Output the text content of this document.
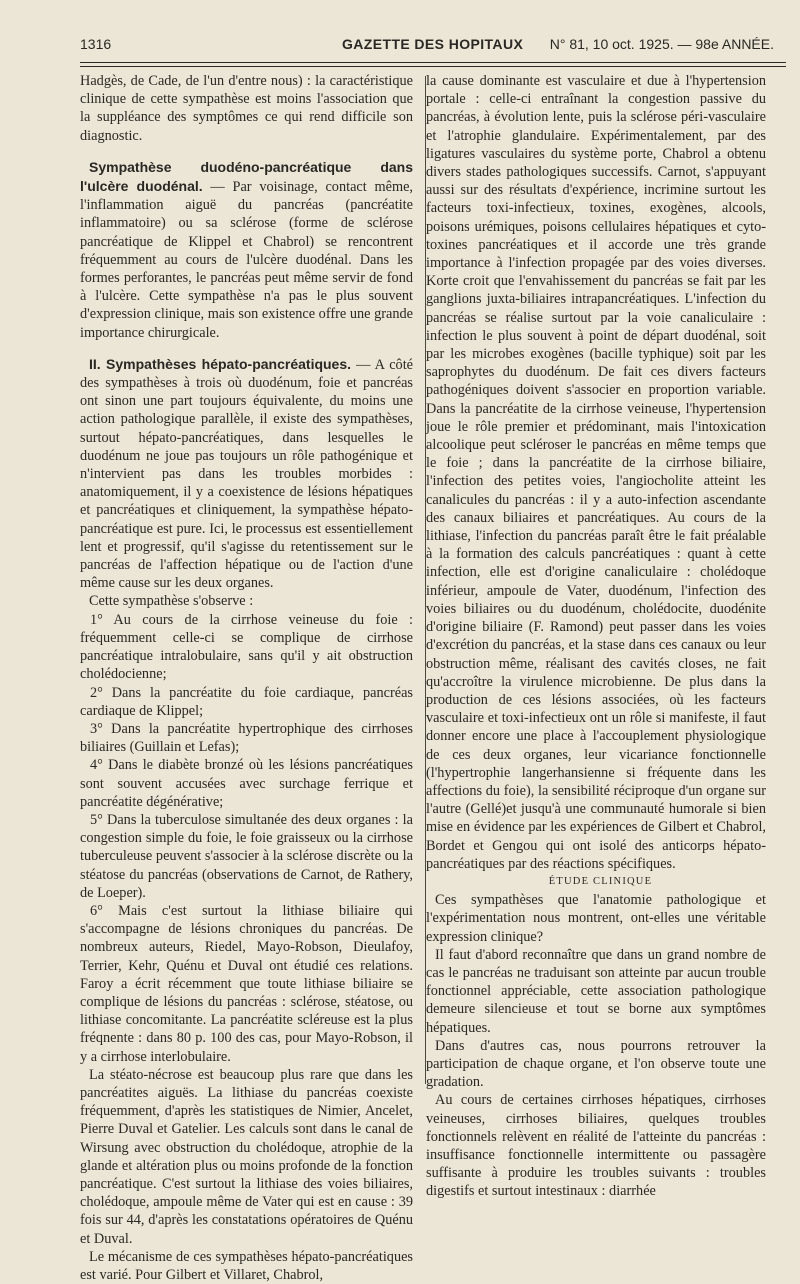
1316	GAZETTE DES HOPITAUX N° 81, 10 oct. 1925. — 98e ANNÉE.

Hadgès, de Cade, de l'un d'entre nous) : la caractéristique clinique de cette sympathèse est moins l'association que la suppléance des symptômes ce qui rend difficile son diagnostic.

Sympathèse duodéno-pancréatique dans l'ulcère duodénal. — Par voisinage, contact même, l'inflammation aiguë du pancréas (pancréatite inflammatoire) ou sa sclérose (forme de sclérose pancréatique de Klippel et Chabrol) se rencontrent fréquemment au cours de l'ulcère duodénal. Dans les formes perforantes, le pancréas peut même servir de fond à l'ulcère. Cette sympathèse n'a pas le plus souvent d'expression clinique, mais son existence offre une grande importance chirurgicale.

II. Sympathèses hépato-pancréatiques. — A côté des sympathèses à trois où duodénum, foie et pancréas ont sinon une part toujours équivalente, du moins une action pathologique parallèle, il existe des sympathèses, surtout hépato-pancréatiques, dans lesquelles le duodénum ne joue pas toujours un rôle pathogénique et n'intervient pas dans les troubles morbides : anatomiquement, il y a coexistence de lésions hépatiques et pancréatiques et cliniquement, la sympathèse hépato-pancréatique est pure. Ici, le processus est essentiellement lent et progressif, qu'il s'agisse du retentissement sur le pancréas de l'affection hépatique ou de l'action d'une même cause sur les deux organes.

Cette sympathèse s'observe :

1° Au cours de la cirrhose veineuse du foie : fréquemment celle-ci se complique de cirrhose pancréatique intralobulaire, sans qu'il y ait obstruction cholédocienne;

2° Dans la pancréatite du foie cardiaque, pancréas cardiaque de Klippel;

3° Dans la pancréatite hypertrophique des cirrhoses biliaires (Guillain et Lefas);

4° Dans le diabète bronzé où les lésions pancréatiques sont souvent accusées avec surchage ferrique et pancréatite dégénérative;

5° Dans la tuberculose simultanée des deux organes : la congestion simple du foie, le foie graisseux ou la cirrhose tuberculeuse peuvent s'associer à la sclérose discrète ou la stéatose du pancréas (observations de Carnot, de Rathery, de Loeper).

6° Mais c'est surtout la lithiase biliaire qui s'accompagne de lésions chroniques du pancréas. De nombreux auteurs, Riedel, Mayo-Robson, Dieulafoy, Terrier, Kehr, Quénu et Duval ont étudié ces relations. Faroy a écrit récemment que toute lithiase biliaire se complique de lésions du pancréas : sclérose, stéatose, ou lithiase concomitante. La pancréatite scléreuse est la plus fréqnente : dans 80 p. 100 des cas, pour Mayo-Robson, il y a cirrhose interlobulaire.

La stéato-nécrose est beaucoup plus rare que dans les pancréatites aiguës. La lithiase du pancréas coexiste fréquemment, d'après les statistiques de Nimier, Ancelet, Pierre Duval et Gatelier. Les calculs sont dans le canal de Wirsung avec obstruction du cholédoque, atrophie de la glande et altération plus ou moins profonde de la fonction pancréatique. C'est surtout la lithiase des voies biliaires, cholédoque, ampoule même de Vater qui est en cause : 39 fois sur 44, d'après les constatations opératoires de Quénu et Duval.

Le mécanisme de ces sympathèses hépato-pancréatiques est varié. Pour Gilbert et Villaret, Chabrol,

la cause dominante est vasculaire et due à l'hypertension portale : celle-ci entraînant la congestion passive du pancréas, à évolution lente, puis la sclérose péri-vasculaire et l'atrophie glandulaire. Expérimentalement, par des ligatures vasculaires du système porte, Chabrol a obtenu divers stades pathologiques successifs. Carnot, s'appuyant aussi sur des résultats d'expérience, incrimine surtout les facteurs toxi-infectieux, toxines, exogènes, alcools, poisons urémiques, poisons cellulaires hépatiques et cyto-toxines pancréatiques et il accorde une très grande importance à l'infection propagée par des voies diverses. Korte croit que l'envahissement du pancréas se fait par les ganglions juxta-biliaires intrapancréatiques. L'infection du pancréas se réalise surtout par la voie canaliculaire : infection le plus souvent à point de départ duodénal, soit par les microbes exogènes (bacille typhique) soit par les saprophytes du duodénum. De fait ces divers facteurs pathogéniques doivent s'associer en proportion variable. Dans la pancréatite de la cirrhose veineuse, l'hypertension joue le rôle premier et prédominant, mais l'intoxication alcoolique peut scléroser le pancréas en même temps que le foie ; dans la pancréatite de la cirrhose biliaire, l'infection des petites voies, l'angiocholite atteint les canalicules du pancréas : il y a auto-infection ascendante des canaux biliaires et pancréatiques. Au cours de la lithiase, l'infection du pancréas paraît être le fait préalable à la formation des calculs pancréatiques : quant à cette infection, elle est d'origine canaliculaire : cholédoque inférieur, ampoule de Vater, duodénum, l'infection des voies biliaires ou du duodénum, cholédocite, duodénite d'origine biliaire (F. Ramond) peut passer dans les voies d'excrétion du pancréas, et la stase dans ces canaux ou leur obstruction même, réalisant des cavités closes, ne fait qu'accroître la virulence microbienne. De plus dans la production de ces lésions associées, où les facteurs vasculaire et toxi-infectieux ont un rôle si manifeste, il faut donner encore une place à l'accouplement physiologique de ces deux organes, leur vicariance fonctionnelle (l'hypertrophie langerhansienne si fréquente dans les affections du foie), la sensibilité réciproque d'un organe sur l'autre (Gellé)et jusqu'à une communauté humorale si bien mise en évidence par les expériences de Gilbert et Chabrol, Bordet et Gengou qui ont isolé des anticorps hépato-pancréatiques par des réactions spécifiques.

ÉTUDE CLINIQUE

Ces sympathèses que l'anatomie pathologique et l'expérimentation nous montrent, ont-elles une véritable expression clinique?

Il faut d'abord reconnaître que dans un grand nombre de cas le pancréas ne traduisant son atteinte par aucun trouble fonctionnel appréciable, cette association pathologique demeure silencieuse et tout se borne aux symptômes hépatiques.

Dans d'autres cas, nous pourrons retrouver la participation de chaque organe, et l'on observe toute une gradation.

Au cours de certaines cirrhoses hépatiques, cirrhoses veineuses, cirrhoses biliaires, quelques troubles fonctionnels relèvent en réalité de l'atteinte du pancréas : insuffisance fonctionnelle intermittente ou passagère suffisante à produire les troubles suivants : troubles digestifs et surtout intestinaux : diarrhée
